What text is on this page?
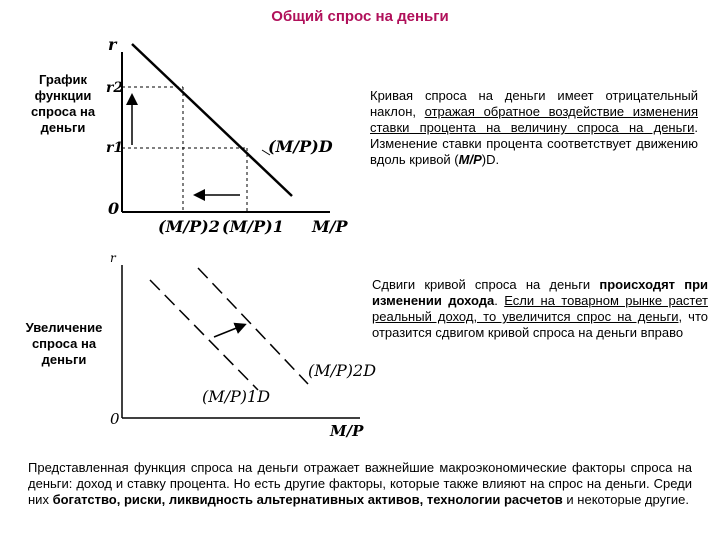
Общий спрос на деньги
График функции спроса на деньги
Увеличение спроса на деньги
r
r2
r1
0
(M/P)D
(M/P)2 (M/P)1 M/P
r
0
(M/P)1D
(M/P)2D
M/P
Кривая спроса на деньги имеет отрицательный наклон, отражая обратное воздействие изменения ставки процента на величину спроса на деньги. Изменение ставки процента соответствует движению вдоль кривой (M/P)D.
Сдвиги кривой спроса на деньги происходят при изменении дохода. Если на товарном рынке растет реальный доход, то увеличится спрос на деньги, что отразится сдвигом кривой спроса на деньги вправо
Представленная функция спроса на деньги отражает важнейшие макроэкономические факторы спроса на деньги: доход и ставку процента. Но есть другие факторы, которые также влияют на спрос на деньги. Среди них богатство, риски, ликвидность альтернативных активов, технологии расчетов и некоторые другие.
